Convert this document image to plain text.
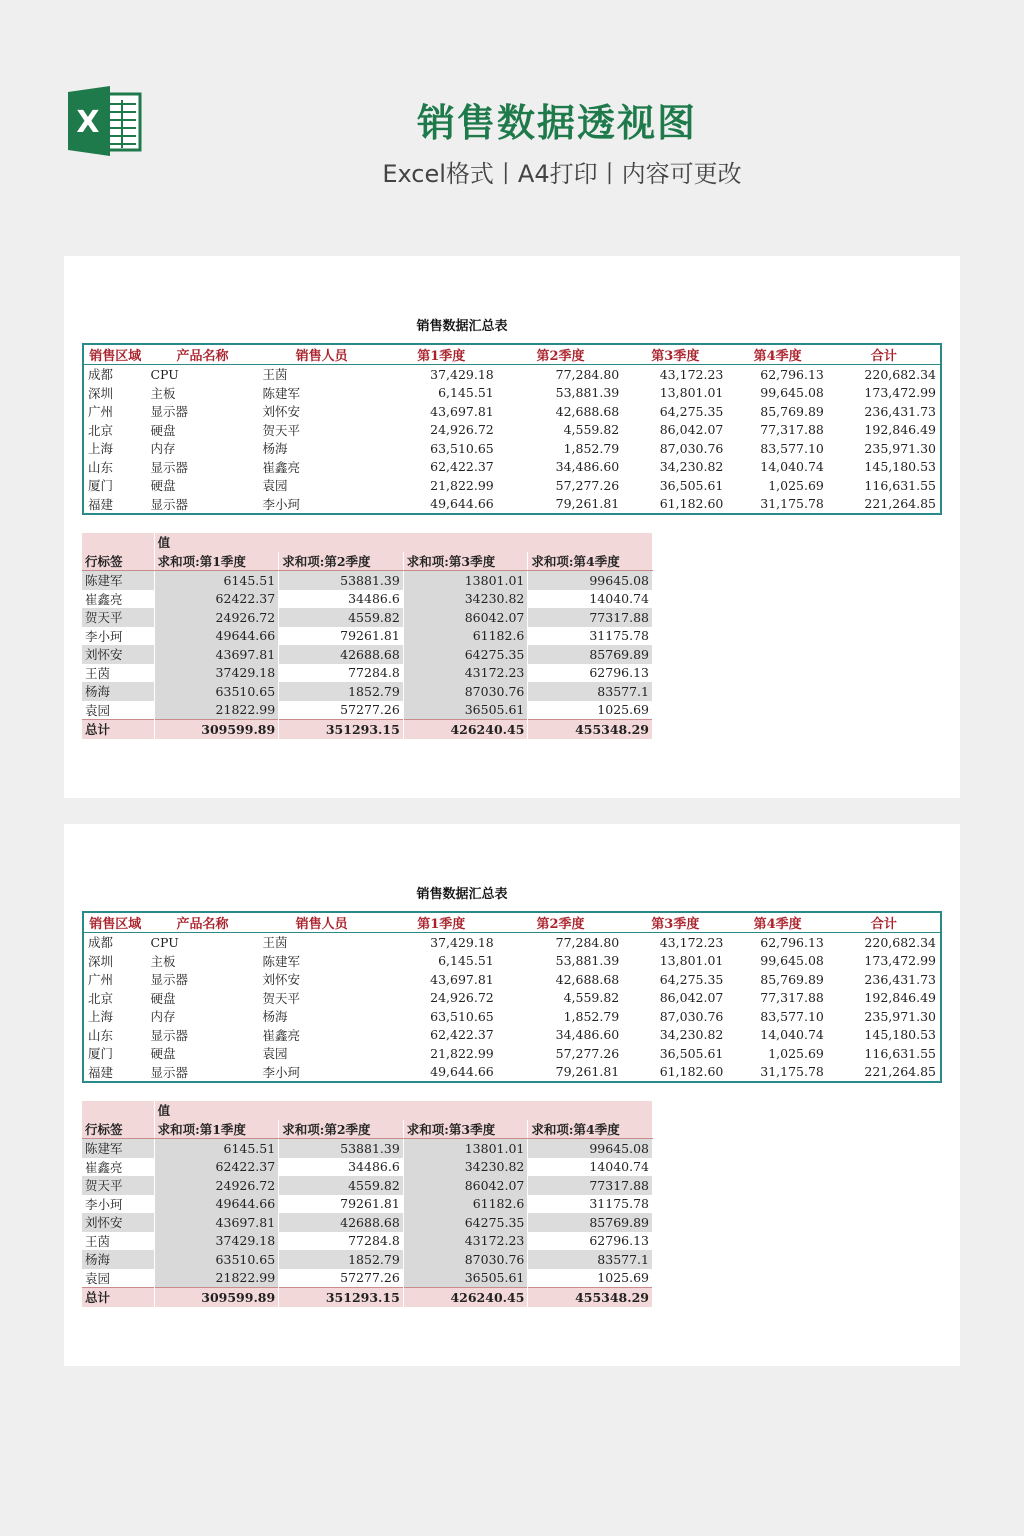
X	销售数据透视图
Excel格式丨A4打印丨内容可更改
销售数据汇总表
销售区域	产品名称	销售人员	第1季度	第2季度	第3季度	第4季度	合计
成都	CPU	王茵	37,429.18	77,284.80	43,172.23	62,796.13	220,682.34
深圳	主板	陈建军	6,145.51	53,881.39	13,801.01	99,645.08	173,472.99
广州	显示器	刘怀安	43,697.81	42,688.68	64,275.35	85,769.89	236,431.73
北京	硬盘	贺天平	24,926.72	4,559.82	86,042.07	77,317.88	192,846.49
上海	内存	杨海	63,510.65	1,852.79	87,030.76	83,577.10	235,971.30
山东	显示器	崔鑫亮	62,422.37	34,486.60	34,230.82	14,040.74	145,180.53
厦门	硬盘	袁园	21,822.99	57,277.26	36,505.61	1,025.69	116,631.55
福建	显示器	李小珂	49,644.66	79,261.81	61,182.60	31,175.78	221,264.85
	值			
行标签	求和项:第1季度	求和项:第2季度	求和项:第3季度	求和项:第4季度
陈建军	6145.51	53881.39	13801.01	99645.08
崔鑫亮	62422.37	34486.6	34230.82	14040.74
贺天平	24926.72	4559.82	86042.07	77317.88
李小珂	49644.66	79261.81	61182.6	31175.78
刘怀安	43697.81	42688.68	64275.35	85769.89
王茵	37429.18	77284.8	43172.23	62796.13
杨海	63510.65	1852.79	87030.76	83577.1
袁园	21822.99	57277.26	36505.61	1025.69
总计	309599.89	351293.15	426240.45	455348.29
销售数据汇总表
销售区域	产品名称	销售人员	第1季度	第2季度	第3季度	第4季度	合计
成都	CPU	王茵	37,429.18	77,284.80	43,172.23	62,796.13	220,682.34
深圳	主板	陈建军	6,145.51	53,881.39	13,801.01	99,645.08	173,472.99
广州	显示器	刘怀安	43,697.81	42,688.68	64,275.35	85,769.89	236,431.73
北京	硬盘	贺天平	24,926.72	4,559.82	86,042.07	77,317.88	192,846.49
上海	内存	杨海	63,510.65	1,852.79	87,030.76	83,577.10	235,971.30
山东	显示器	崔鑫亮	62,422.37	34,486.60	34,230.82	14,040.74	145,180.53
厦门	硬盘	袁园	21,822.99	57,277.26	36,505.61	1,025.69	116,631.55
福建	显示器	李小珂	49,644.66	79,261.81	61,182.60	31,175.78	221,264.85
	值			
行标签	求和项:第1季度	求和项:第2季度	求和项:第3季度	求和项:第4季度
陈建军	6145.51	53881.39	13801.01	99645.08
崔鑫亮	62422.37	34486.6	34230.82	14040.74
贺天平	24926.72	4559.82	86042.07	77317.88
李小珂	49644.66	79261.81	61182.6	31175.78
刘怀安	43697.81	42688.68	64275.35	85769.89
王茵	37429.18	77284.8	43172.23	62796.13
杨海	63510.65	1852.79	87030.76	83577.1
袁园	21822.99	57277.26	36505.61	1025.69
总计	309599.89	351293.15	426240.45	455348.29
